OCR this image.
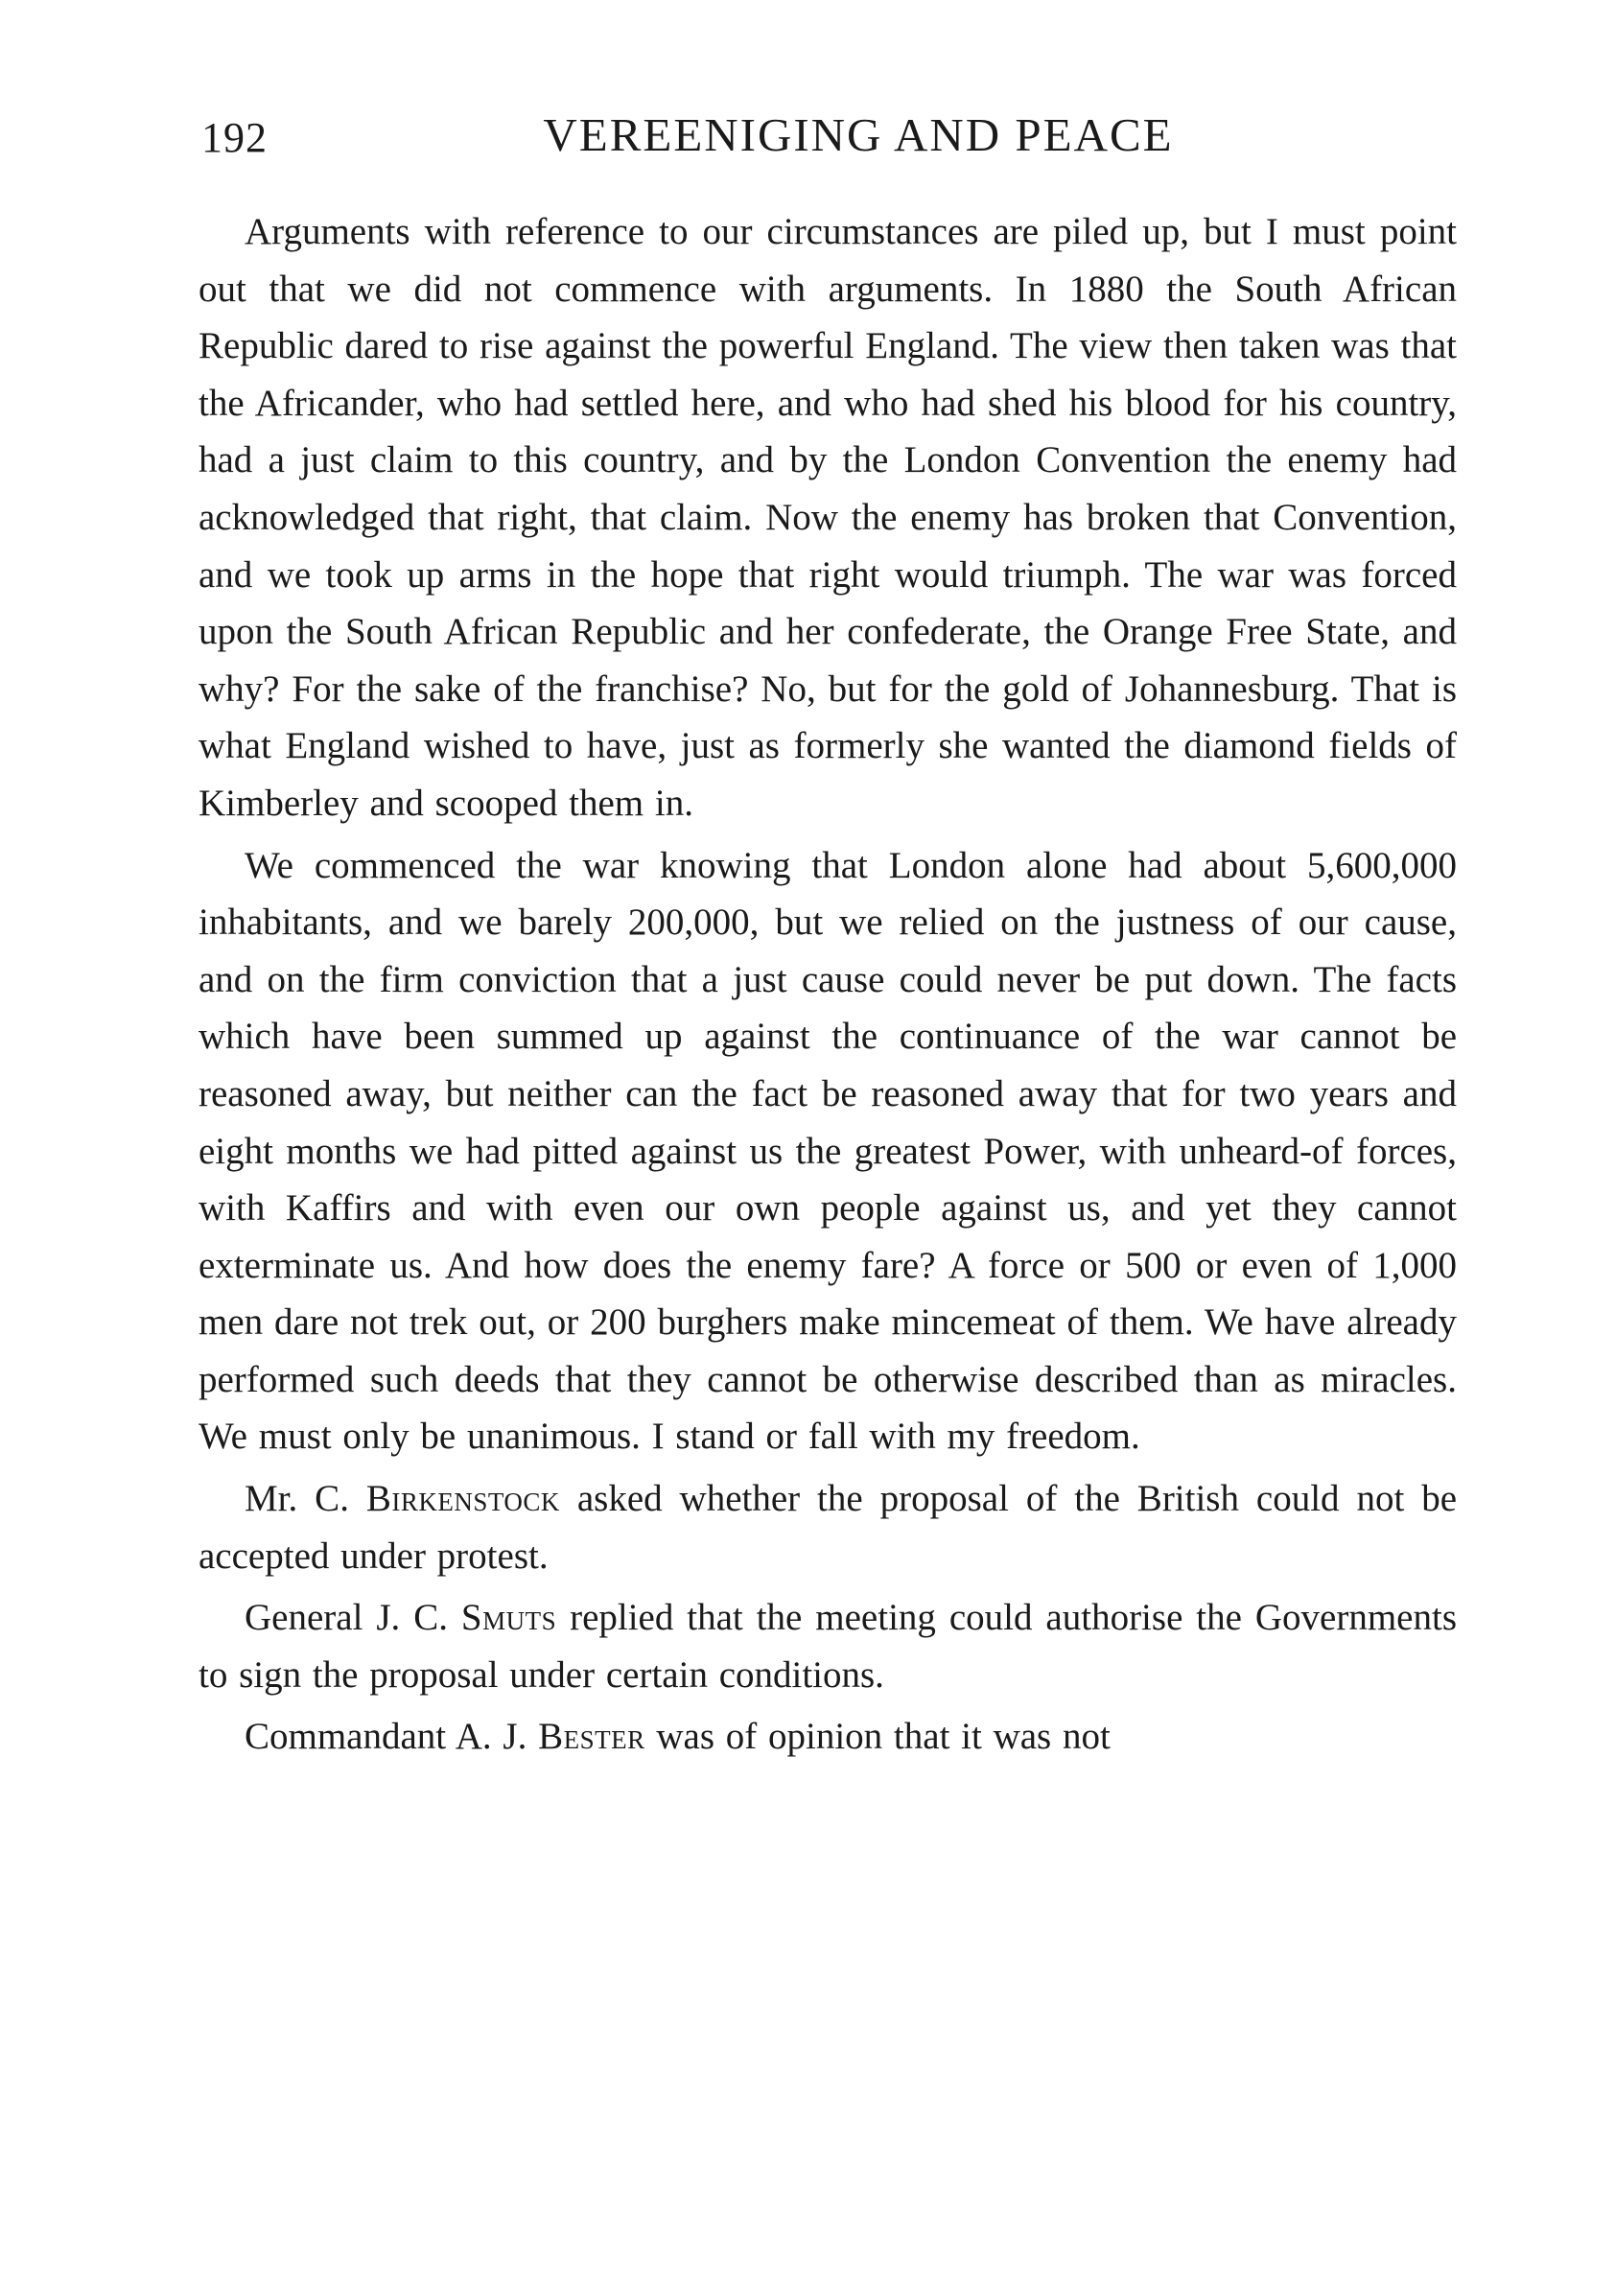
192	VEREENIGING AND PEACE

Arguments with reference to our circumstances are piled up, but I must point out that we did not commence with arguments. In 1880 the South African Republic dared to rise against the powerful England. The view then taken was that the Africander, who had settled here, and who had shed his blood for his country, had a just claim to this country, and by the London Convention the enemy had acknowledged that right, that claim. Now the enemy has broken that Convention, and we took up arms in the hope that right would triumph. The war was forced upon the South African Republic and her confederate, the Orange Free State, and why? For the sake of the franchise? No, but for the gold of Johannesburg. That is what England wished to have, just as formerly she wanted the diamond fields of Kimberley and scooped them in.

We commenced the war knowing that London alone had about 5,600,000 inhabitants, and we barely 200,000, but we relied on the justness of our cause, and on the firm conviction that a just cause could never be put down. The facts which have been summed up against the continuance of the war cannot be reasoned away, but neither can the fact be reasoned away that for two years and eight months we had pitted against us the greatest Power, with unheard-of forces, with Kaffirs and with even our own people against us, and yet they cannot exterminate us. And how does the enemy fare? A force or 500 or even of 1,000 men dare not trek out, or 200 burghers make mincemeat of them. We have already performed such deeds that they cannot be otherwise described than as miracles. We must only be unanimous. I stand or fall with my freedom.

Mr. C. Birkenstock asked whether the proposal of the British could not be accepted under protest.

General J. C. Smuts replied that the meeting could authorise the Governments to sign the proposal under certain conditions.

Commandant A. J. Bester was of opinion that it was not
